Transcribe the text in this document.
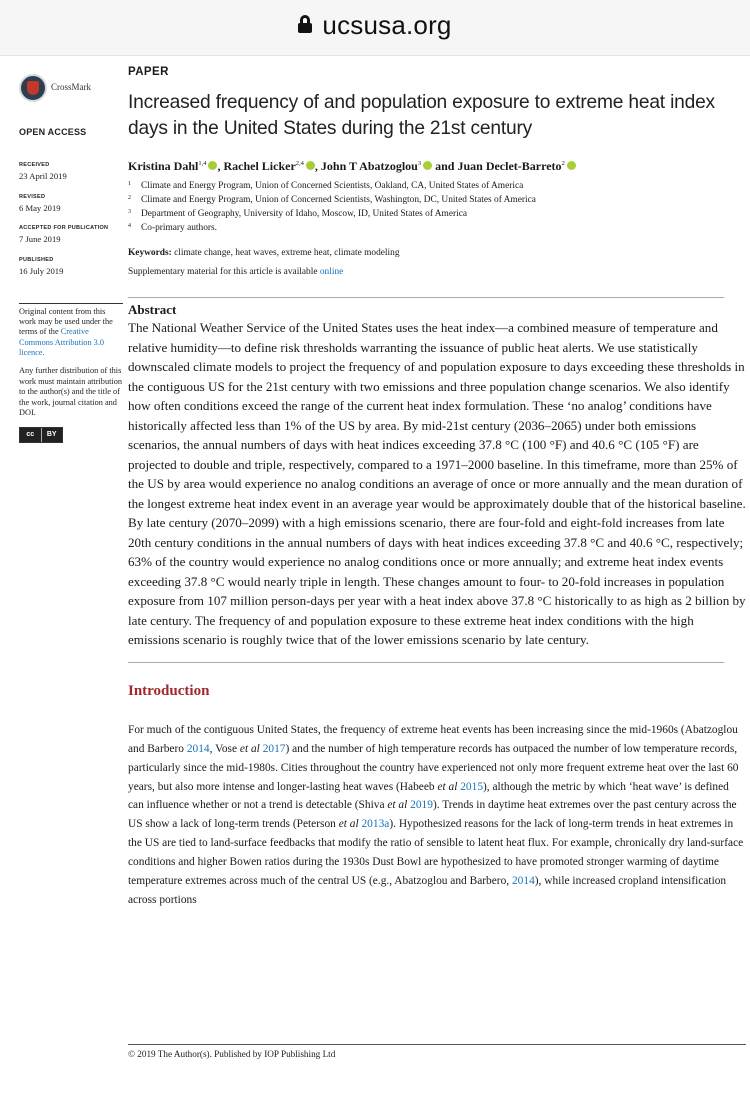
ucsusa.org
CrossMark
OPEN ACCESS
RECEIVED
23 April 2019
REVISED
6 May 2019
ACCEPTED FOR PUBLICATION
7 June 2019
PUBLISHED
16 July 2019

Original content from this work may be used under the terms of the Creative Commons Attribution 3.0 licence.

Any further distribution of this work must maintain attribution to the author(s) and the title of the work, journal citation and DOI.

cc	BY
PAPER
Increased frequency of and population exposure to extreme heat index days in the United States during the 21st century
Kristina Dahl$^{1,4}$ , Rachel Licker$^{2,4}$ , John T Abatzoglou$^3$ and Juan Declet-Barreto$^2$
1	Climate and Energy Program, Union of Concerned Scientists, Oakland, CA, United States of America
2	Climate and Energy Program, Union of Concerned Scientists, Washington, DC, United States of America
3	Department of Geography, University of Idaho, Moscow, ID, United States of America
4	Co-primary authors.
Keywords: climate change, heat waves, extreme heat, climate modeling
Supplementary material for this article is available online
Abstract

The National Weather Service of the United States uses the heat index—a combined measure of temperature and relative humidity—to define risk thresholds warranting the issuance of public heat alerts. We use statistically downscaled climate models to project the frequency of and population exposure to days exceeding these thresholds in the contiguous US for the 21st century with two emissions and three population change scenarios. We also identify how often conditions exceed the range of the current heat index formulation. These ‘no analog’ conditions have historically affected less than 1% of the US by area. By mid-21st century (2036–2065) under both emissions scenarios, the annual numbers of days with heat indices exceeding 37.8 °C (100 °F) and 40.6 °C (105 °F) are projected to double and triple, respectively, compared to a 1971–2000 baseline. In this timeframe, more than 25% of the US by area would experience no analog conditions an average of once or more annually and the mean duration of the longest extreme heat index event in an average year would be approximately double that of the historical baseline. By late century (2070–2099) with a high emissions scenario, there are four-fold and eight-fold increases from late 20th century conditions in the annual numbers of days with heat indices exceeding 37.8 °C and 40.6 °C, respectively; 63% of the country would experience no analog conditions once or more annually; and extreme heat index events exceeding 37.8 °C would nearly triple in length. These changes amount to four- to 20-fold increases in population exposure from 107 million person-days per year with a heat index above 37.8 °C historically to as high as 2 billion by late century. The frequency of and population exposure to these extreme heat index conditions with the high emissions scenario is roughly twice that of the lower emissions scenario by late century.

Introduction

For much of the contiguous United States, the frequency of extreme heat events has been increasing since the mid-1960s (Abatzoglou and Barbero 2014, Vose et al 2017) and the number of high temperature records has outpaced the number of low temperature records, particularly since the mid-1980s. Cities throughout the country have experienced not only more frequent extreme heat over the last 60 years, but also more intense and longer-lasting heat waves (Habeeb et al 2015), although the metric by which ‘heat wave’ is defined can influence whether or not a trend is detectable (Shiva et al 2019). Trends in daytime heat extremes over the past century across the US show a lack of long-term trends (Peterson et al 2013a). Hypothesized reasons for the lack of long-term trends in heat extremes in the US are tied to land-surface feedbacks that modify the ratio of sensible to latent heat flux. For example, chronically dry land-surface conditions and higher Bowen ratios during the 1930s Dust Bowl are hypothesized to have promoted stronger warming of daytime temperature extremes across much of the central US (e.g., Abatzoglou and Barbero, 2014), while increased cropland intensification across portions

© 2019 The Author(s). Published by IOP Publishing Ltd
